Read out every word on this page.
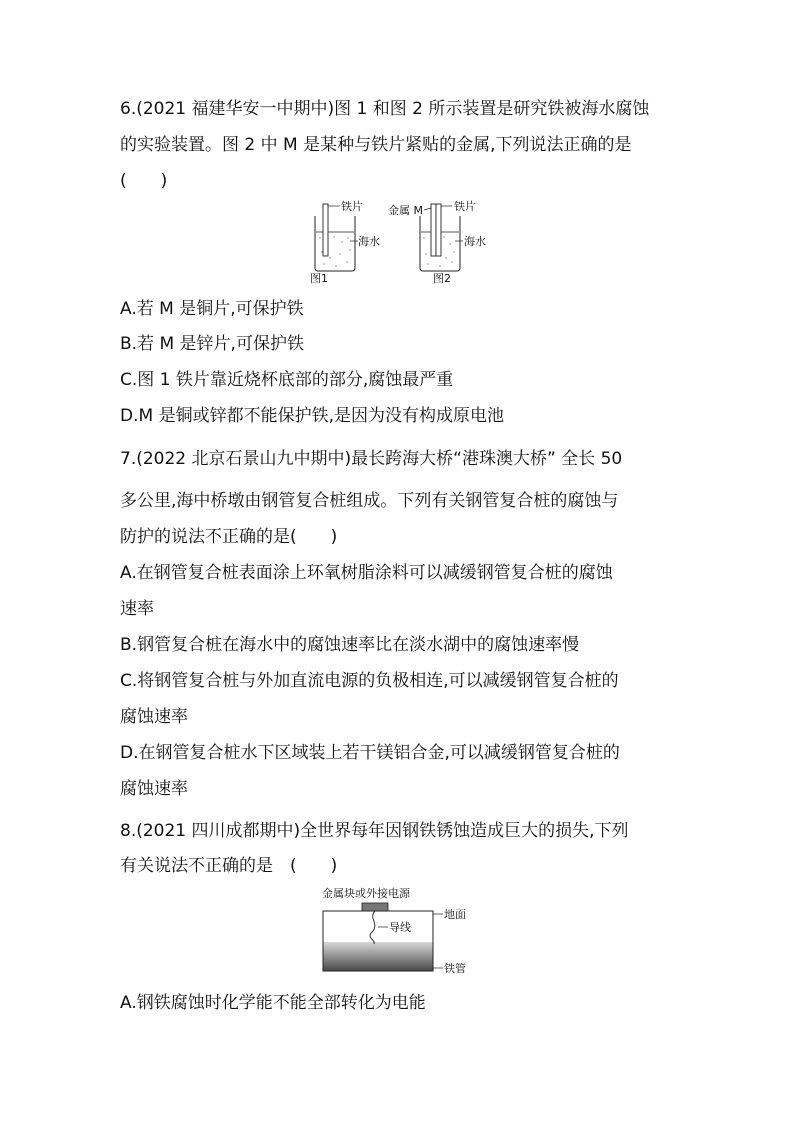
6.(2021 福建华安一中期中)图 1 和图 2 所示装置是研究铁被海水腐蚀
的实验装置。图 2 中 M 是某种与铁片紧贴的金属,下列说法正确的是
(　　)
铁片
海水
图1
金属 M	铁片
海水
图2
A.若 M 是铜片,可保护铁
B.若 M 是锌片,可保护铁
C.图 1 铁片靠近烧杯底部的部分,腐蚀最严重
D.M 是铜或锌都不能保护铁,是因为没有构成原电池
7.(2022 北京石景山九中期中)最长跨海大桥“港珠澳大桥” 全长 50
多公里,海中桥墩由钢管复合桩组成。下列有关钢管复合桩的腐蚀与
防护的说法不正确的是(　　)
A.在钢管复合桩表面涂上环氧树脂涂料可以减缓钢管复合桩的腐蚀
速率
B.钢管复合桩在海水中的腐蚀速率比在淡水湖中的腐蚀速率慢
C.将钢管复合桩与外加直流电源的负极相连,可以减缓钢管复合桩的
腐蚀速率
D.在钢管复合桩水下区域装上若干镁铝合金,可以减缓钢管复合桩的
腐蚀速率
8.(2021 四川成都期中)全世界每年因钢铁锈蚀造成巨大的损失,下列
有关说法不正确的是　(　　)
金属块或外接电源
导线
地面
铁管
A.钢铁腐蚀时化学能不能全部转化为电能
